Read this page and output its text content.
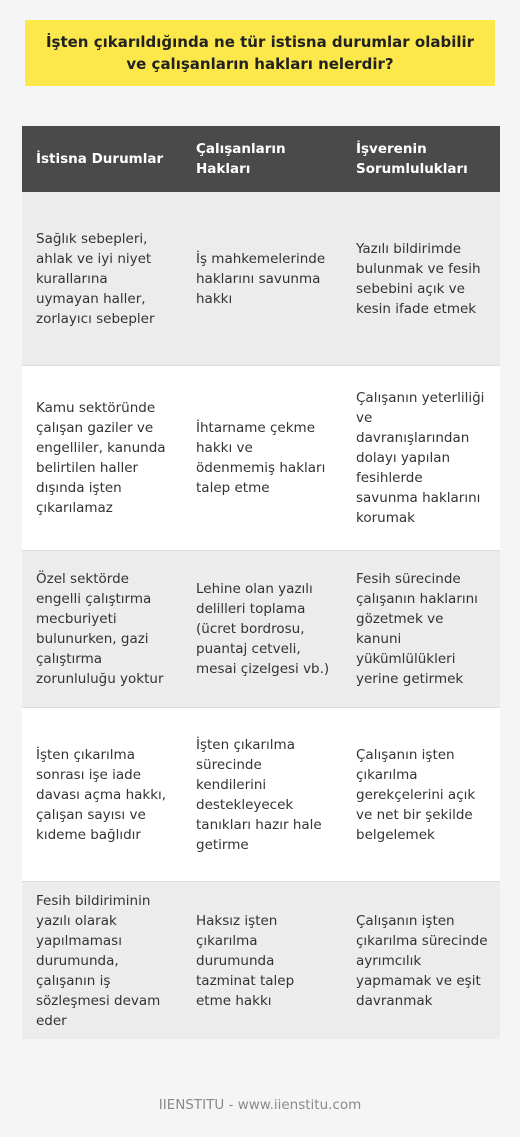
İşten çıkarıldığında ne tür istisna durumlar olabilir ve çalışanların hakları nelerdir?
İstisna Durumlar
Çalışanların Hakları
İşverenin Sorumlulukları
Sağlık sebepleri, ahlak ve iyi niyet kurallarına uymayan haller, zorlayıcı sebepler
İş mahkemelerinde haklarını savunma hakkı
Yazılı bildirimde bulunmak ve fesih sebebini açık ve kesin ifade etmek
Kamu sektöründe çalışan gaziler ve engelliler, kanunda belirtilen haller dışında işten çıkarılamaz
İhtarname çekme hakkı ve ödenmemiş hakları talep etme
Çalışanın yeterliliği ve davranışlarından dolayı yapılan fesihlerde savunma haklarını korumak
Özel sektörde engelli çalıştırma mecburiyeti bulunurken, gazi çalıştırma zorunluluğu yoktur
Lehine olan yazılı delilleri toplama (ücret bordrosu, puantaj cetveli, mesai çizelgesi vb.)
Fesih sürecinde çalışanın haklarını gözetmek ve kanuni yükümlülükleri yerine getirmek
İşten çıkarılma sonrası işe iade davası açma hakkı, çalışan sayısı ve kıdeme bağlıdır
İşten çıkarılma sürecinde kendilerini destekleyecek tanıkları hazır hale getirme
Çalışanın işten çıkarılma gerekçelerini açık ve net bir şekilde belgelemek
Fesih bildiriminin yazılı olarak yapılmaması durumunda, çalışanın iş sözleşmesi devam eder
Haksız işten çıkarılma durumunda tazminat talep etme hakkı
Çalışanın işten çıkarılma sürecinde ayrımcılık yapmamak ve eşit davranmak
IIENSTITU - www.iienstitu.com
